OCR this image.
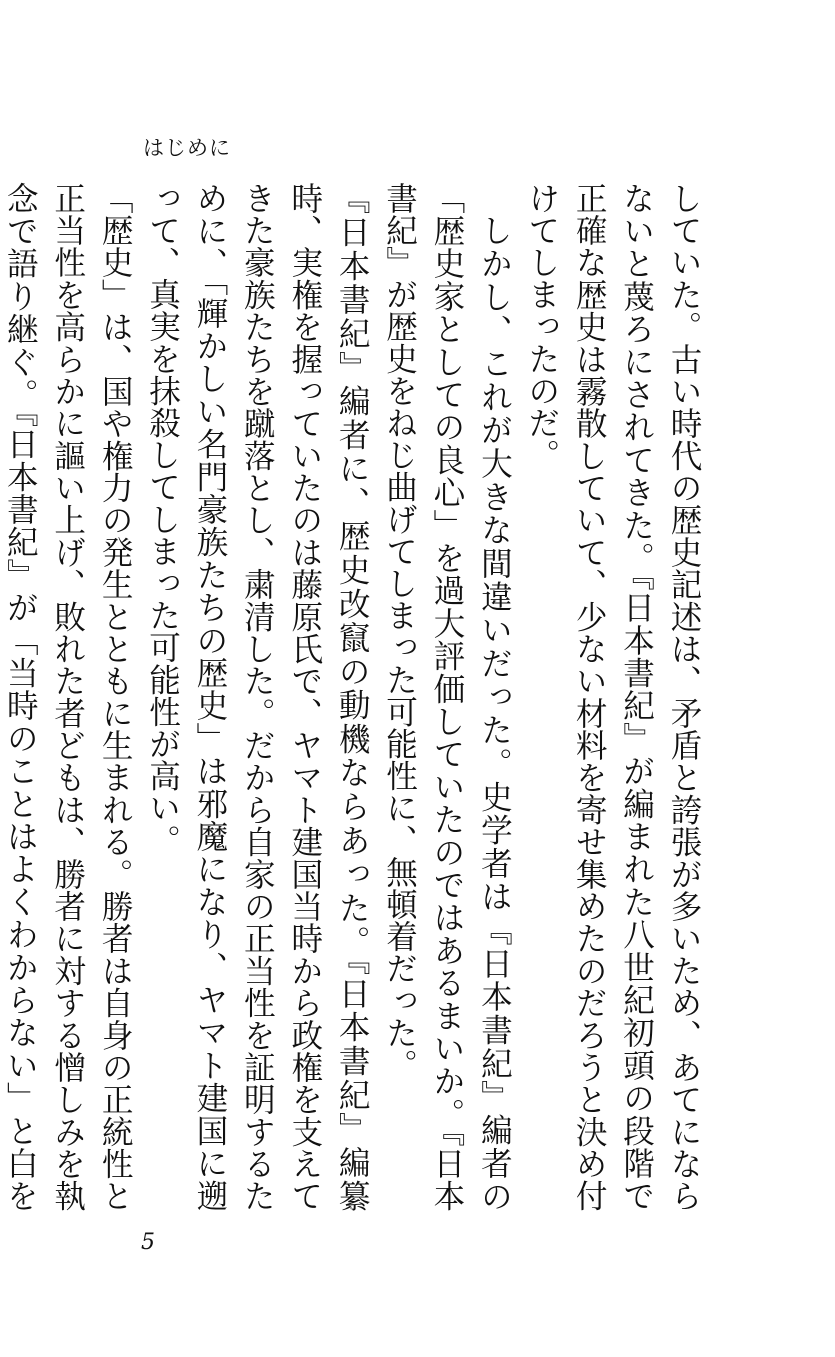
はじめに

していた。古い時代の歴史記述は、矛盾と誇張が多いため、あてにならないと蔑ろにされてきた。『日本書紀』が編まれた八世紀初頭の段階で正確な歴史は霧散していて、少ない材料を寄せ集めたのだろうと決め付けてしまったのだ。

しかし、これが大きな間違いだった。史学者は『日本書紀』編者の「歴史家としての良心」を過大評価していたのではあるまいか。『日本書紀』が歴史をねじ曲げてしまった可能性に、無頓着だった。

『日本書紀』編者に、歴史改竄の動機ならあった。『日本書紀』編纂時、実権を握っていたのは藤原氏で、ヤマト建国当時から政権を支えてきた豪族たちを蹴落とし、粛清した。だから自家の正当性を証明するために、「輝かしい名門豪族たちの歴史」は邪魔になり、ヤマト建国に遡って、真実を抹殺してしまった可能性が高い。

「歴史」は、国や権力の発生とともに生まれる。勝者は自身の正統性と正当性を高らかに謳い上げ、敗れた者どもは、勝者に対する憎しみを執念で語り継ぐ。『日本書紀』が「当時のことはよくわからない」と白を

5
